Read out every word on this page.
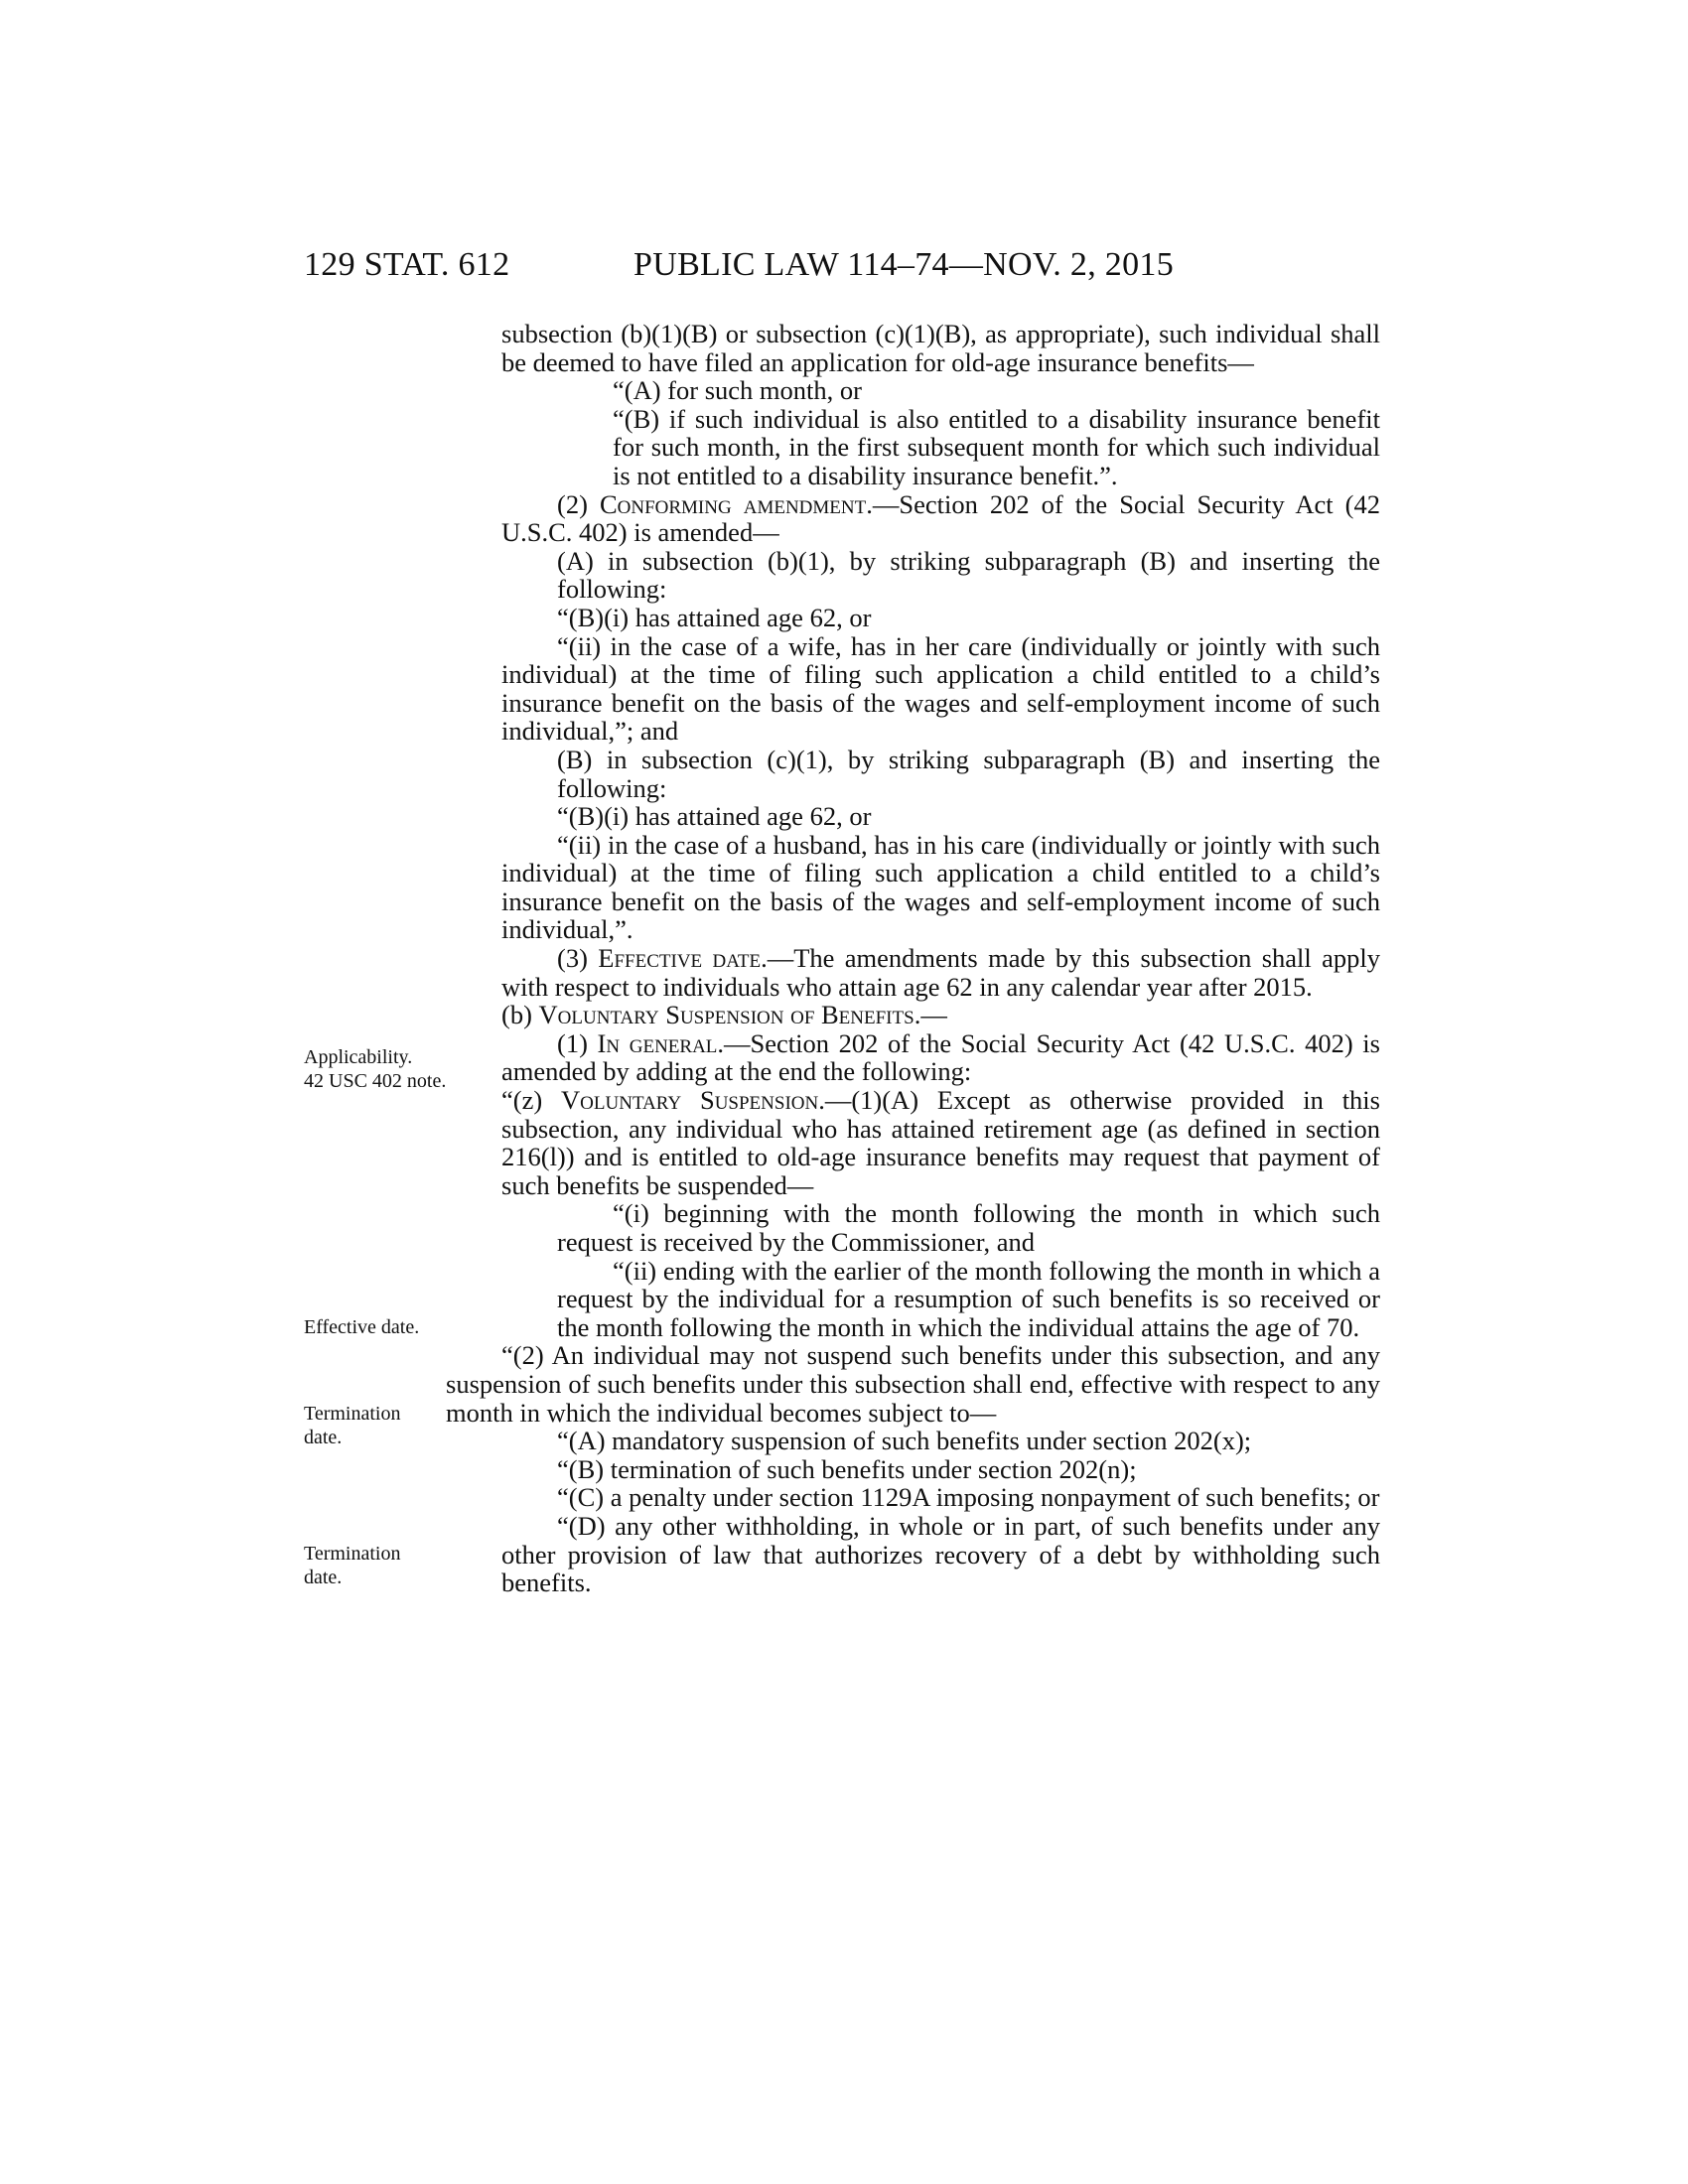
129 STAT. 612	PUBLIC LAW 114–74—NOV. 2, 2015
Applicability.
42 USC 402 note.
Effective date.
Termination
date.
Termination
date.

subsection (b)(1)(B) or subsection (c)(1)(B), as appropriate), such individual shall be deemed to have filed an application for old-age insurance benefits—

“(A) for such month, or

“(B) if such individual is also entitled to a disability insurance benefit for such month, in the first subsequent month for which such individual is not entitled to a disability insurance benefit.”.

(2) Conforming amendment.—Section 202 of the Social Security Act (42 U.S.C. 402) is amended—

(A) in subsection (b)(1), by striking subparagraph (B) and inserting the following:

“(B)(i) has attained age 62, or

“(ii) in the case of a wife, has in her care (individually or jointly with such individual) at the time of filing such application a child entitled to a child’s insurance benefit on the basis of the wages and self-employment income of such individual,”; and

(B) in subsection (c)(1), by striking subparagraph (B) and inserting the following:

“(B)(i) has attained age 62, or

“(ii) in the case of a husband, has in his care (individually or jointly with such individual) at the time of filing such application a child entitled to a child’s insurance benefit on the basis of the wages and self-employment income of such individual,”.

(3) Effective date.—The amendments made by this subsection shall apply with respect to individuals who attain age 62 in any calendar year after 2015.

(b) Voluntary Suspension of Benefits.—

(1) In general.—Section 202 of the Social Security Act (42 U.S.C. 402) is amended by adding at the end the following:

“(z) Voluntary Suspension.—(1)(A) Except as otherwise provided in this subsection, any individual who has attained retirement age (as defined in section 216(l)) and is entitled to old-age insurance benefits may request that payment of such benefits be suspended—

“(i) beginning with the month following the month in which such request is received by the Commissioner, and

“(ii) ending with the earlier of the month following the month in which a request by the individual for a resumption of such benefits is so received or the month following the month in which the individual attains the age of 70.

“(2) An individual may not suspend such benefits under this subsection, and any suspension of such benefits under this subsection shall end, effective with respect to any month in which the individual becomes subject to—

“(A) mandatory suspension of such benefits under section 202(x);

“(B) termination of such benefits under section 202(n);

“(C) a penalty under section 1129A imposing nonpayment of such benefits; or

“(D) any other withholding, in whole or in part, of such benefits under any other provision of law that authorizes recovery of a debt by withholding such benefits.
